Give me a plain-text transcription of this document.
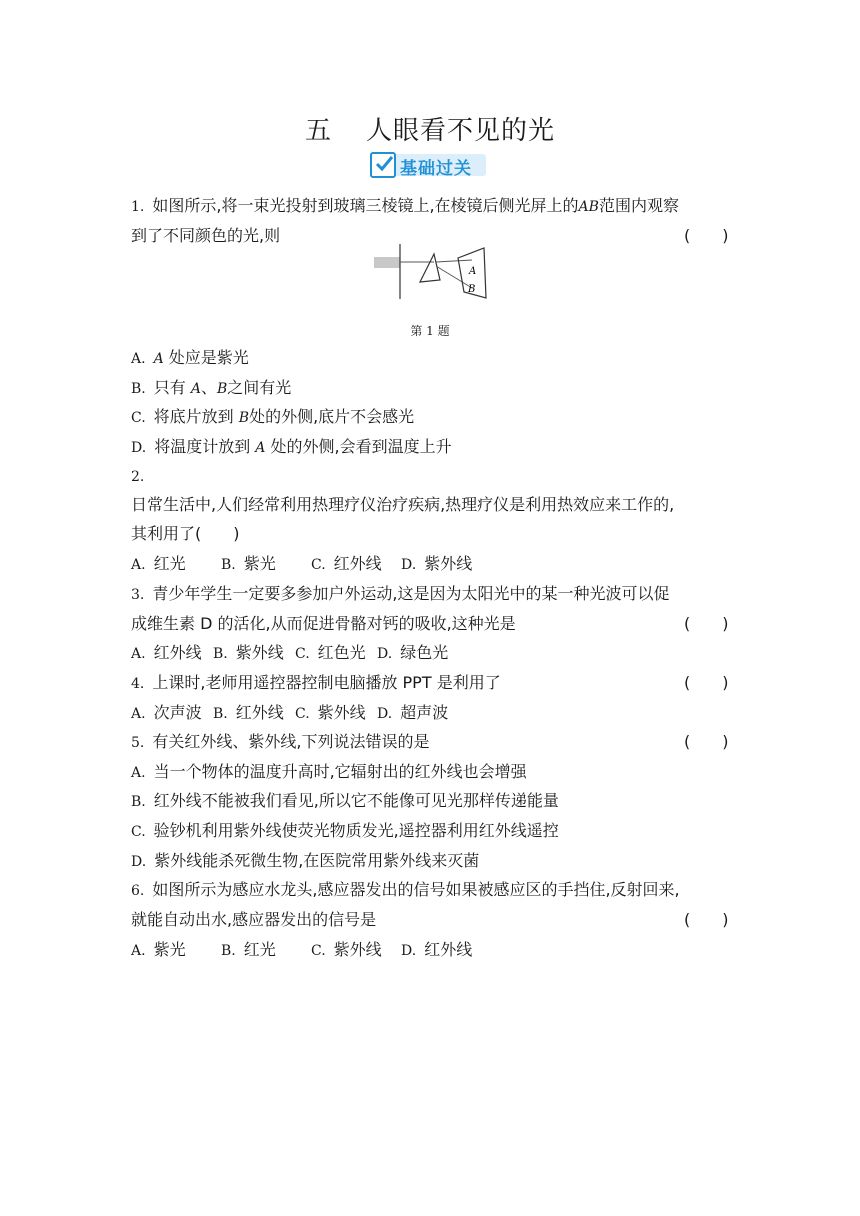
五 人眼看不见的光
基础过关
1. 如图所示,将一束光投射到玻璃三棱镜上,在棱镜后侧光屏上的AB范围内观察
到了不同颜色的光,则	(　　)
A
B
第 1 题
A. A 处应是紫光
B. 只有 A、B之间有光
C. 将底片放到 B处的外侧,底片不会感光
D. 将温度计放到 A 处的外侧,会看到温度上升
2.
日常生活中,人们经常利用热理疗仪治疗疾病,热理疗仪是利用热效应来工作的,
其利用了(　　)
A. 红光	B. 紫光	C. 红外线 D. 紫外线
3. 青少年学生一定要多参加户外运动,这是因为太阳光中的某一种光波可以促
成维生素 D 的活化,从而促进骨骼对钙的吸收,这种光是	(　　)
A. 红外线 B. 紫外线 C. 红色光 D. 绿色光
4. 上课时,老师用遥控器控制电脑播放 PPT 是利用了	(　　)
A. 次声波 B. 红外线 C. 紫外线 D. 超声波
5. 有关红外线、紫外线,下列说法错误的是	(　　)
A. 当一个物体的温度升高时,它辐射出的红外线也会增强
B. 红外线不能被我们看见,所以它不能像可见光那样传递能量
C. 验钞机利用紫外线使荧光物质发光,遥控器利用红外线遥控
D. 紫外线能杀死微生物,在医院常用紫外线来灭菌
6. 如图所示为感应水龙头,感应器发出的信号如果被感应区的手挡住,反射回来,
就能自动出水,感应器发出的信号是	(　　)
A. 紫光	B. 红光	C. 紫外线 D. 红外线
